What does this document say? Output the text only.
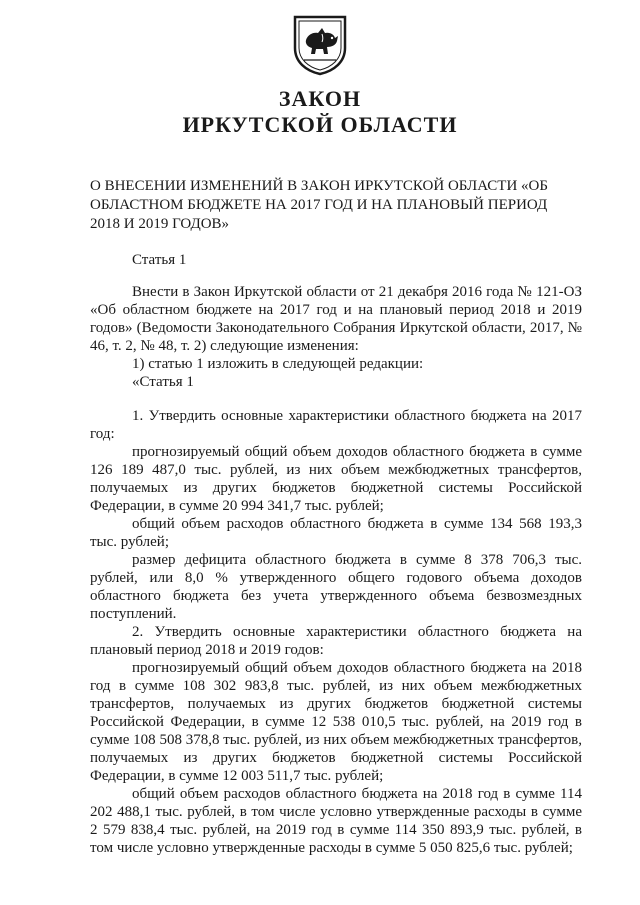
ЗАКОН
ИРКУТСКОЙ ОБЛАСТИ
О ВНЕСЕНИИ ИЗМЕНЕНИЙ В ЗАКОН ИРКУТСКОЙ ОБЛАСТИ «ОБ
ОБЛАСТНОМ БЮДЖЕТЕ НА 2017 ГОД И НА ПЛАНОВЫЙ ПЕРИОД
2018 И 2019 ГОДОВ»
Статья 1

Внести в Закон Иркутской области от 21 декабря 2016 года № 121-ОЗ «Об областном бюджете на 2017 год и на плановый период 2018 и 2019 годов» (Ведомости Законодательного Собрания Иркутской области, 2017, № 46, т. 2, № 48, т. 2) следующие изменения:

1) статью 1 изложить в следующей редакции:

«Статья 1

1. Утвердить основные характеристики областного бюджета на 2017 год:

прогнозируемый общий объем доходов областного бюджета в сумме 126 189 487,0 тыс. рублей, из них объем межбюджетных трансфертов, получаемых из других бюджетов бюджетной системы Российской Федерации, в сумме 20 994 341,7 тыс. рублей;

общий объем расходов областного бюджета в сумме 134 568 193,3 тыс. рублей;

размер дефицита областного бюджета в сумме 8 378 706,3 тыс. рублей, или 8,0 % утвержденного общего годового объема доходов областного бюджета без учета утвержденного объема безвозмездных поступлений.

2. Утвердить основные характеристики областного бюджета на плановый период 2018 и 2019 годов:

прогнозируемый общий объем доходов областного бюджета на 2018 год в сумме 108 302 983,8 тыс. рублей, из них объем межбюджетных трансфертов, получаемых из других бюджетов бюджетной системы Российской Федерации, в сумме 12 538 010,5 тыс. рублей, на 2019 год в сумме 108 508 378,8 тыс. рублей, из них объем межбюджетных трансфертов, получаемых из других бюджетов бюджетной системы Российской Федерации, в сумме 12 003 511,7 тыс. рублей;

общий объем расходов областного бюджета на 2018 год в сумме 114 202 488,1 тыс. рублей, в том числе условно утвержденные расходы в сумме 2 579 838,4 тыс. рублей, на 2019 год в сумме 114 350 893,9 тыс. рублей, в том числе условно утвержденные расходы в сумме 5 050 825,6 тыс. рублей;
